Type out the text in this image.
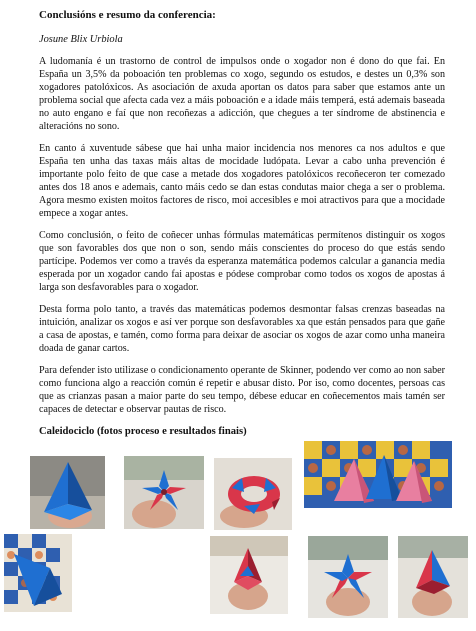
Conclusións e resumo da conferencia:

Josune Blix Urbiola

A ludomanía é un trastorno de control de impulsos onde o xogador non é dono do que fai. En España un 3,5% da poboación ten problemas co xogo, segundo os estudos, e destes un 0,3% son xogadores patolóxicos. As asociación de axuda aportan os datos para saber que estamos ante un problema social que afecta cada vez a máis poboación e a idade máis temperá, está ademais baseada no auto engano e faí que non recoñezas a adicción, que chegues a ter síndrome de abstinencia e alteracións no sono.

En canto á xuventude sábese que hai unha maior incidencia nos menores ca nos adultos e que España ten unha das taxas máis altas de mocidade ludópata. Levar a cabo unha prevención é importante polo feito de que case a metade dos xogadores patolóxicos recoñeceron ter comezado antes dos 18 anos e ademais, canto máis cedo se dan estas condutas maior chega a ser o problema. Agora mesmo existen moitos factores de risco, moi accesibles e moi atractivos para que a mocidade empece a xogar antes.

Como conclusión, o feito de coñecer unhas fórmulas matemáticas permítenos distinguir os xogos que son favorables dos que non o son, sendo máis conscientes do proceso do que estás sendo partícipe. Podemos ver como a través da esperanza matemática podemos calcular a ganancia media esperada por un xogador cando fai apostas e pódese comprobar como todos os xogos de apostas á larga son desfavorables para o xogador.

Desta forma polo tanto, a través das matemáticas podemos desmontar falsas crenzas baseadas na intuición, analizar os xogos e así ver porque son desfavorables xa que están pensados para que gañe a casa de apostas, e tamén, como forma para deixar de asociar os xogos de azar como unha maneira doada de ganar cartos.

Para defender isto utilizase o condicionamento operante de Skinner, podendo ver como ao non saber como funciona algo a reacción común é repetir e abusar disto. Por iso, como docentes, persoas cas que as crianzas pasan a maior parte do seu tempo, débese educar en coñecementos mais tamén ser capaces de detectar e observar pautas de risco.

Caleidociclo (fotos proceso e resultados finais)
